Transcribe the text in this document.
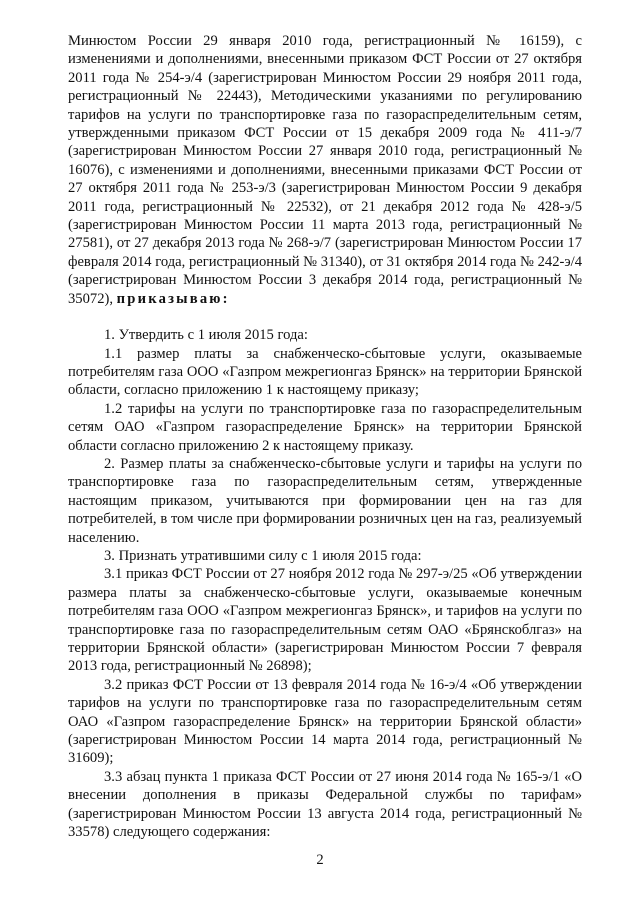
Минюстом России 29 января 2010 года, регистрационный № 16159), с изменениями и дополнениями, внесенными приказом ФСТ России от 27 октября 2011 года № 254-э/4 (зарегистрирован Минюстом России 29 ноября 2011 года, регистрационный № 22443), Методическими указаниями по регулированию тарифов на услуги по транспортировке газа по газораспределительным сетям, утвержденными приказом ФСТ России от 15 декабря 2009 года № 411-э/7 (зарегистрирован Минюстом России 27 января 2010 года, регистрационный № 16076), с изменениями и дополнениями, внесенными приказами ФСТ России от 27 октября 2011 года № 253-э/3 (зарегистрирован Минюстом России 9 декабря 2011 года, регистрационный № 22532), от 21 декабря 2012 года № 428-э/5 (зарегистрирован Минюстом России 11 марта 2013 года, регистрационный № 27581), от 27 декабря 2013 года № 268-э/7 (зарегистрирован Минюстом России 17 февраля 2014 года, регистрационный № 31340), от 31 октября 2014 года № 242-э/4 (зарегистрирован Минюстом России 3 декабря 2014 года, регистрационный № 35072), приказываю:

1. Утвердить с 1 июля 2015 года:

1.1 размер платы за снабженческо-сбытовые услуги, оказываемые потребителям газа ООО «Газпром межрегионгаз Брянск» на территории Брянской области, согласно приложению 1 к настоящему приказу;

1.2 тарифы на услуги по транспортировке газа по газораспределительным сетям ОАО «Газпром газораспределение Брянск» на территории Брянской области согласно приложению 2 к настоящему приказу.

2. Размер платы за снабженческо-сбытовые услуги и тарифы на услуги по транспортировке газа по газораспределительным сетям, утвержденные настоящим приказом, учитываются при формировании цен на газ для потребителей, в том числе при формировании розничных цен на газ, реализуемый населению.

3. Признать утратившими силу с 1 июля 2015 года:

3.1 приказ ФСТ России от 27 ноября 2012 года № 297-э/25 «Об утверждении размера платы за снабженческо-сбытовые услуги, оказываемые конечным потребителям газа ООО «Газпром межрегионгаз Брянск», и тарифов на услуги по транспортировке газа по газораспределительным сетям ОАО «Брянскоблгаз» на территории Брянской области» (зарегистрирован Минюстом России 7 февраля 2013 года, регистрационный № 26898);

3.2 приказ ФСТ России от 13 февраля 2014 года № 16-э/4 «Об утверждении тарифов на услуги по транспортировке газа по газораспределительным сетям ОАО «Газпром газораспределение Брянск» на территории Брянской области» (зарегистрирован Минюстом России 14 марта 2014 года, регистрационный № 31609);

3.3 абзац пункта 1 приказа ФСТ России от 27 июня 2014 года № 165-э/1 «О внесении дополнения в приказы Федеральной службы по тарифам» (зарегистрирован Минюстом России 13 августа 2014 года, регистрационный № 33578) следующего содержания:

2
